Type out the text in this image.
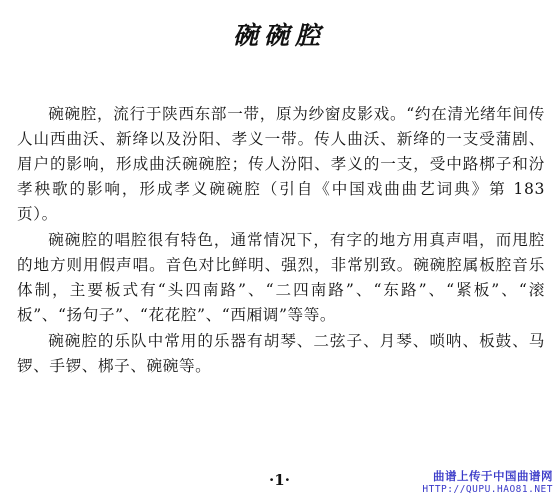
碗碗腔

碗碗腔，流行于陕西东部一带，原为纱窗皮影戏。“约在清光绪年间传人山西曲沃、新绛以及汾阳、孝义一带。传人曲沃、新绛的一支受蒲剧、眉户的影响，形成曲沃碗碗腔；传人汾阳、孝义的一支，受中路梆子和汾孝秧歌的影响，形成孝义碗碗腔（引自《中国戏曲曲艺词典》第 183 页）。

碗碗腔的唱腔很有特色，通常情况下，有字的地方用真声唱，而甩腔的地方则用假声唱。音色对比鲜明、强烈，非常别致。碗碗腔属板腔音乐体制，主要板式有“头四南路”、“二四南路”、“东路”、“紧板”、“滚板”、“扬句子”、“花花腔”、“西厢调”等等。

碗碗腔的乐队中常用的乐器有胡琴、二弦子、月琴、唢呐、板鼓、马锣、手锣、梆子、碗碗等。

·1·	曲谱上传于中国曲谱网
HTTP://QUPU.HAO81.NET
